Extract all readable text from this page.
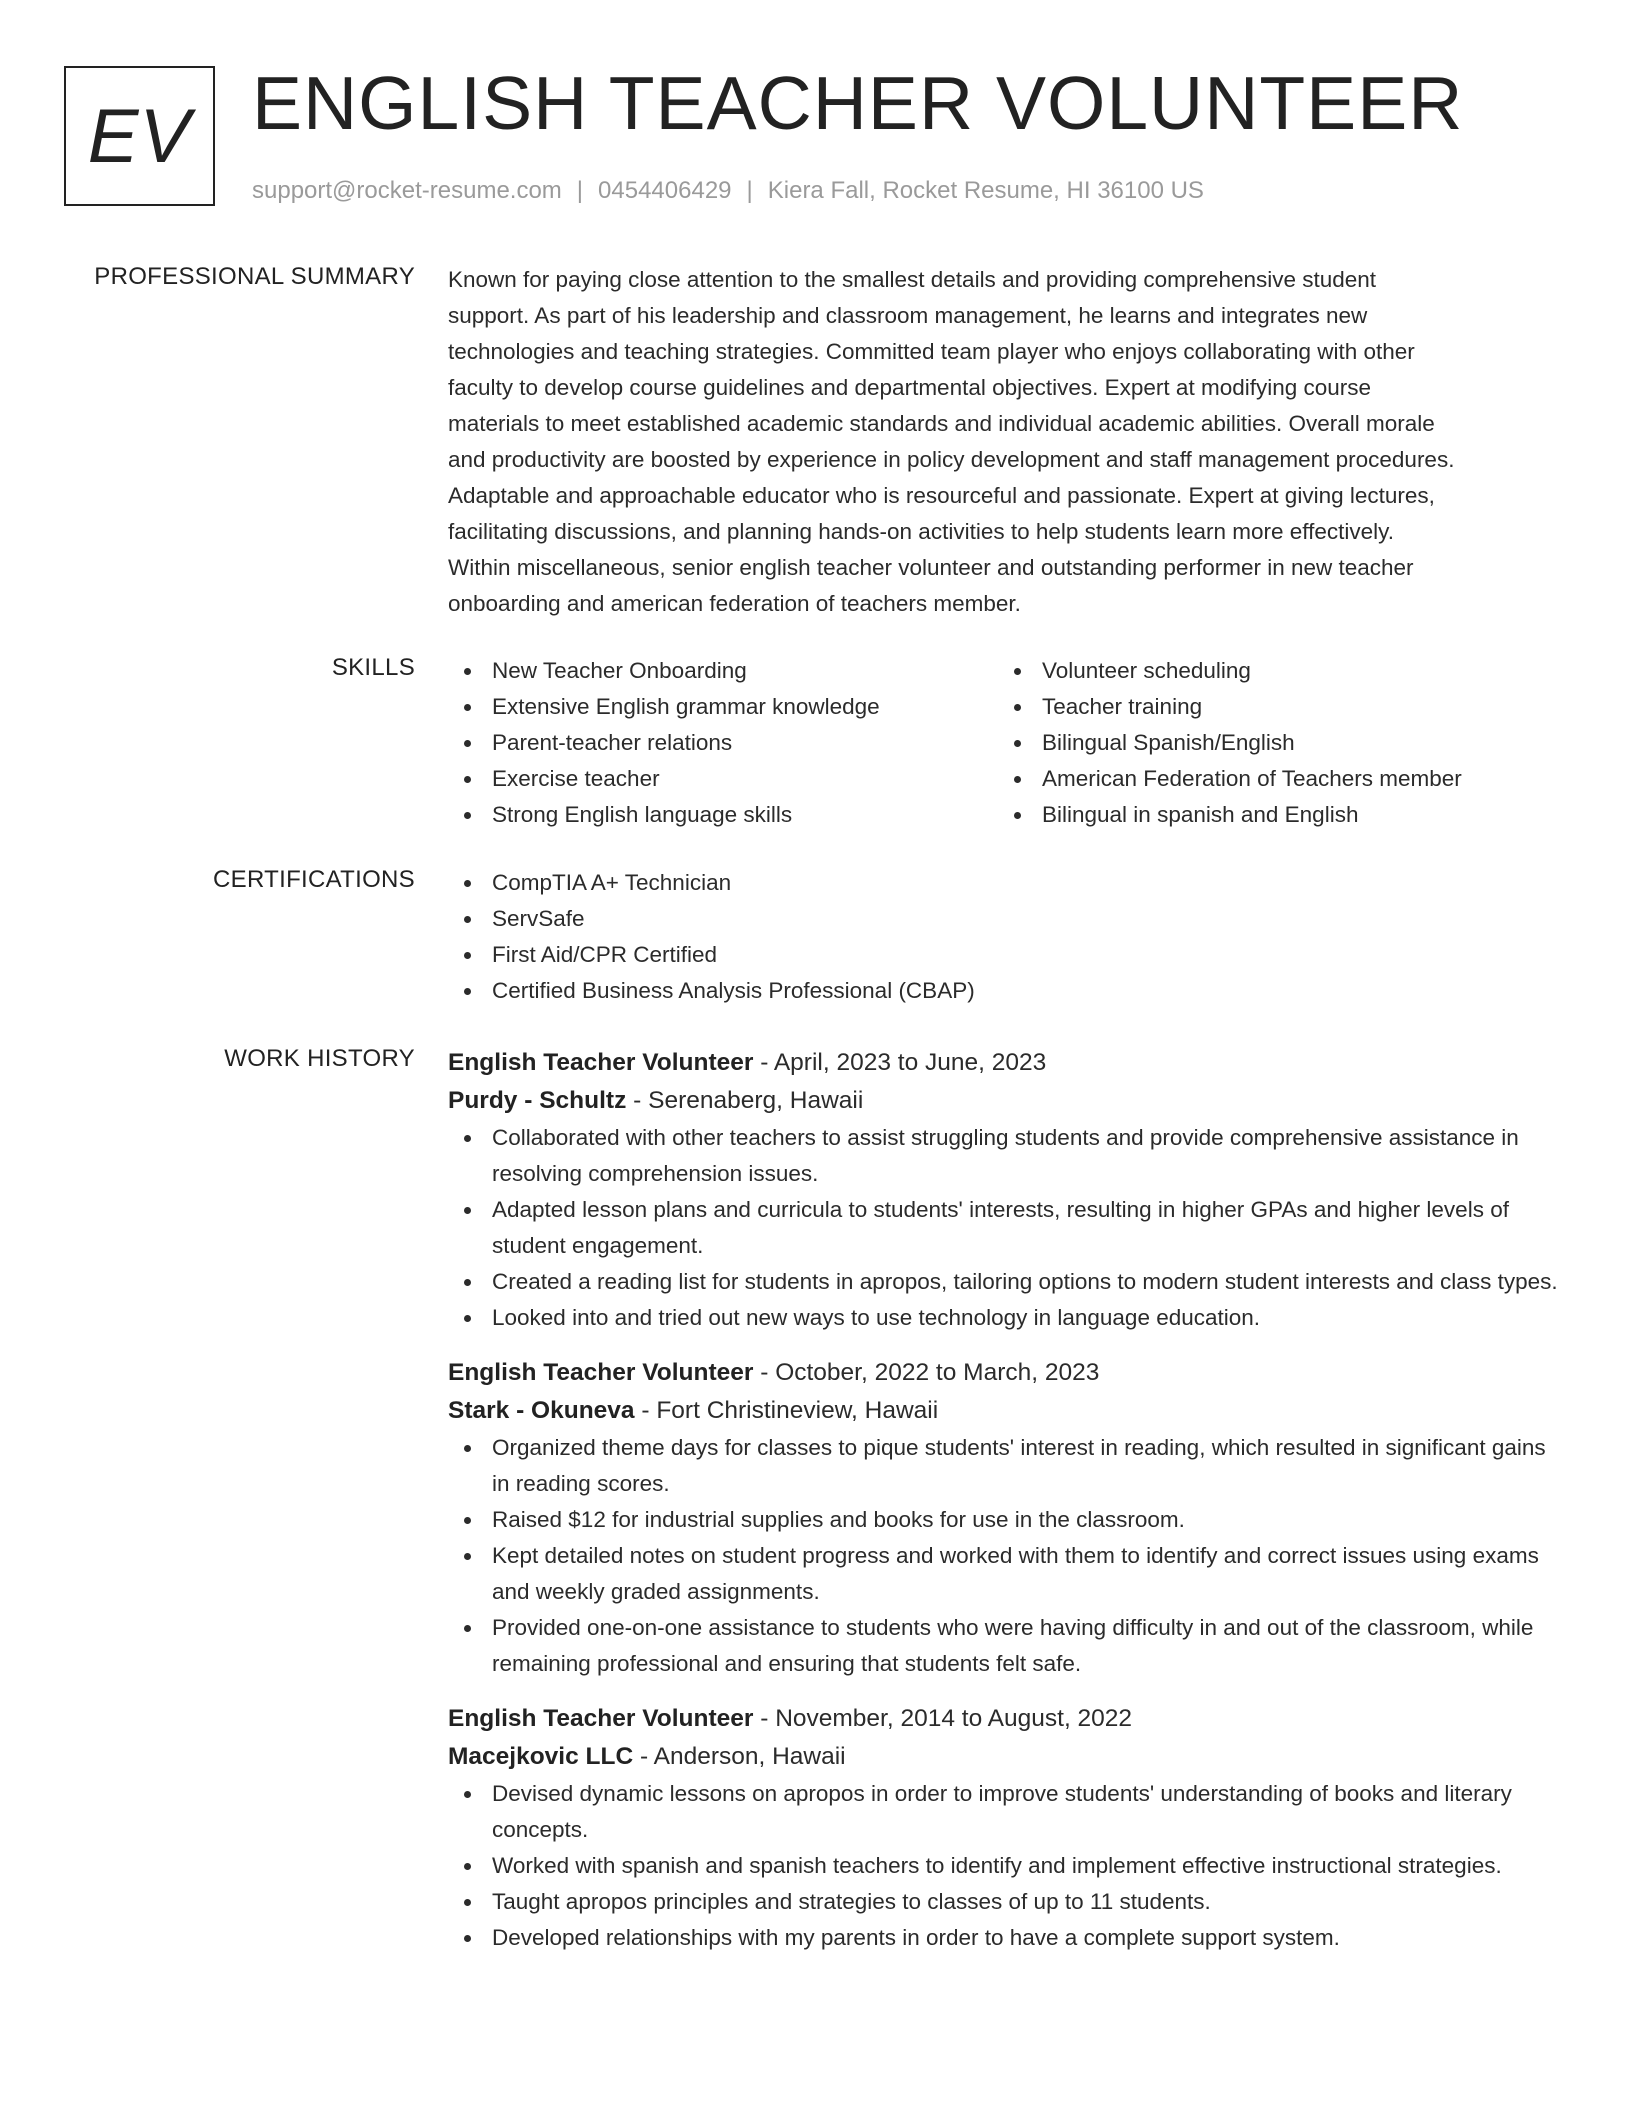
EV ENGLISH TEACHER VOLUNTEER
support@rocket-resume.com | 0454406429 | Kiera Fall, Rocket Resume, HI 36100 US
PROFESSIONAL SUMMARY Known for paying close attention to the smallest details and providing comprehensive student
support. As part of his leadership and classroom management, he learns and integrates new
technologies and teaching strategies. Committed team player who enjoys collaborating with other
faculty to develop course guidelines and departmental objectives. Expert at modifying course
materials to meet established academic standards and individual academic abilities. Overall morale
and productivity are boosted by experience in policy development and staff management procedures.
Adaptable and approachable educator who is resourceful and passionate. Expert at giving lectures,
facilitating discussions, and planning hands-on activities to help students learn more effectively.
Within miscellaneous, senior english teacher volunteer and outstanding performer in new teacher
onboarding and american federation of teachers member.
SKILLS	New Teacher Onboarding
Extensive English grammar knowledge
Parent-teacher relations
Exercise teacher
Strong English language skills
Volunteer scheduling
Teacher training
Bilingual Spanish/English
American Federation of Teachers member
Bilingual in spanish and English
CERTIFICATIONS	CompTIA A+ Technician
ServSafe
First Aid/CPR Certified
Certified Business Analysis Professional (CBAP)
WORK HISTORY English Teacher Volunteer - April, 2023 to June, 2023
Purdy - Schultz - Serenaberg, Hawaii
Collaborated with other teachers to assist struggling students and provide comprehensive assistance in resolving comprehension issues.
Adapted lesson plans and curricula to students' interests, resulting in higher GPAs and higher levels of student engagement.
Created a reading list for students in apropos, tailoring options to modern student interests and class types.
Looked into and tried out new ways to use technology in language education.
English Teacher Volunteer - October, 2022 to March, 2023
Stark - Okuneva - Fort Christineview, Hawaii
Organized theme days for classes to pique students' interest in reading, which resulted in significant gains in reading scores.
Raised $12 for industrial supplies and books for use in the classroom.
Kept detailed notes on student progress and worked with them to identify and correct issues using exams and weekly graded assignments.
Provided one-on-one assistance to students who were having difficulty in and out of the classroom, while remaining professional and ensuring that students felt safe.
English Teacher Volunteer - November, 2014 to August, 2022
Macejkovic LLC - Anderson, Hawaii
Devised dynamic lessons on apropos in order to improve students' understanding of books and literary concepts.
Worked with spanish and spanish teachers to identify and implement effective instructional strategies.
Taught apropos principles and strategies to classes of up to 11 students.
Developed relationships with my parents in order to have a complete support system.
